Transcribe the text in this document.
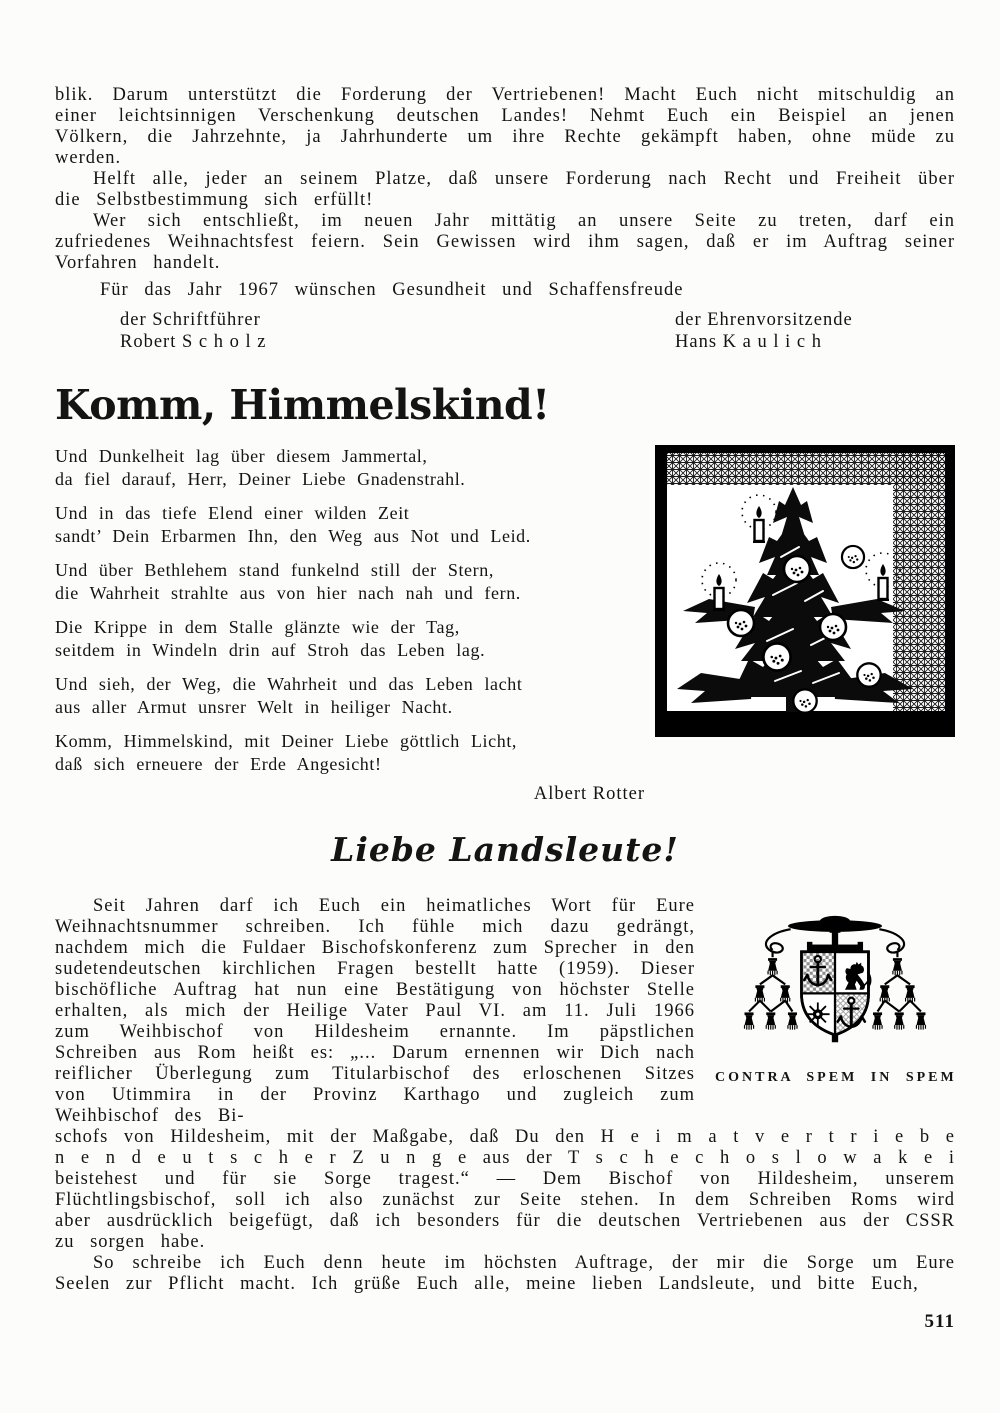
blik. Darum unterstützt die Forderung der Vertriebenen! Macht Euch nicht mitschuldig an einer leichtsinnigen Verschenkung deutschen Landes! Nehmt Euch ein Beispiel an jenen Völkern, die Jahrzehnte, ja Jahrhunderte um ihre Rechte gekämpft haben, ohne müde zu werden.

Helft alle, jeder an seinem Platze, daß unsere Forderung nach Recht und Freiheit über die Selbstbestimmung sich erfüllt!

Wer sich entschließt, im neuen Jahr mittätig an unsere Seite zu treten, darf ein zufriedenes Weihnachtsfest feiern. Sein Gewissen wird ihm sagen, daß er im Auftrag seiner Vorfahren handelt.

Für das Jahr 1967 wünschen Gesundheit und Schaffensfreude

der Schriftführer
Robert S c h o l z
der Ehrenvorsitzende
Hans K a u l i c h
Komm, Himmelskind!

Und Dunkelheit lag über diesem Jammertal,
da fiel darauf, Herr, Deiner Liebe Gnadenstrahl.

Und in das tiefe Elend einer wilden Zeit
sandt’ Dein Erbarmen Ihn, den Weg aus Not und Leid.

Und über Bethlehem stand funkelnd still der Stern,
die Wahrheit strahlte aus von hier nach nah und fern.

Die Krippe in dem Stalle glänzte wie der Tag,
seitdem in Windeln drin auf Stroh das Leben lag.

Und sieh, der Weg, die Wahrheit und das Leben lacht
aus aller Armut unsrer Welt in heiliger Nacht.

Komm, Himmelskind, mit Deiner Liebe göttlich Licht,
daß sich erneuere der Erde Angesicht!

Albert Rotter
Liebe Landsleute!

Seit Jahren darf ich Euch ein heimatliches Wort für Eure Weihnachtsnummer schreiben. Ich fühle mich dazu gedrängt, nachdem mich die Fuldaer Bischofskonferenz zum Sprecher in den sudetendeutschen kirchlichen Fragen bestellt hatte (1959). Dieser bischöfliche Auftrag hat nun eine Bestätigung von höchster Stelle erhalten, als mich der Heilige Vater Paul VI. am 11. Juli 1966 zum Weihbischof von Hildesheim ernannte. Im päpstlichen Schreiben aus Rom heißt es: „... Darum ernennen wir Dich nach reiflicher Überlegung zum Titularbischof des erloschenen Sitzes von Utimmira in der Provinz Karthago und zugleich zum Weihbischof des Bi-

CONTRA SPEM IN SPEM

schofs von Hildesheim, mit der Maßgabe, daß Du den H e i m a t v e r t r i e b e n e n d e u t s c h e r Z u n g e aus der T s c h e c h o s l o w a k e i beistehest und für sie Sorge tragest.“ — Dem Bischof von Hildesheim, unserem Flüchtlingsbischof, soll ich also zunächst zur Seite stehen. In dem Schreiben Roms wird aber ausdrücklich beigefügt, daß ich besonders für die deutschen Vertriebenen aus der CSSR zu sorgen habe.

So schreibe ich Euch denn heute im höchsten Auftrage, der mir die Sorge um Eure Seelen zur Pflicht macht. Ich grüße Euch alle, meine lieben Landsleute, und bitte Euch,

511
